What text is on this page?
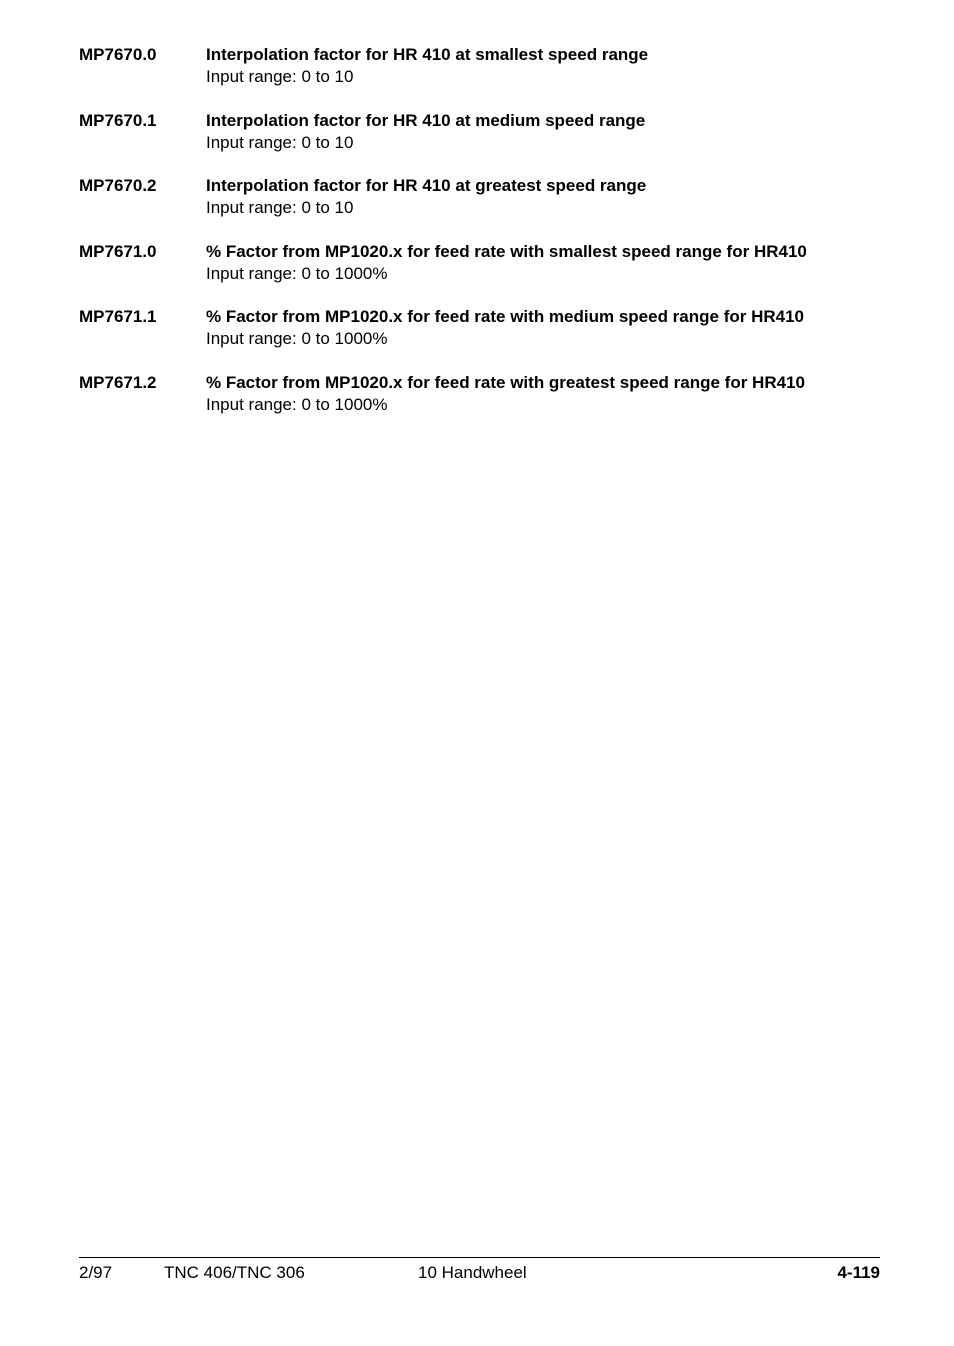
MP7670.0	Interpolation factor for HR 410 at smallest speed range
Input range: 0 to 10
MP7670.1	Interpolation factor for HR 410 at medium speed range
Input range: 0 to 10
MP7670.2	Interpolation factor for HR 410 at greatest speed range
Input range: 0 to 10
MP7671.0	% Factor from MP1020.x for feed rate with smallest speed range for HR410
Input range: 0 to 1000%
MP7671.1	% Factor from MP1020.x for feed rate with medium speed range for HR410
Input range: 0 to 1000%
MP7671.2	% Factor from MP1020.x for feed rate with greatest speed range for HR410
Input range: 0 to 1000%
2/97	TNC 406/TNC 306	10 Handwheel	4-119
